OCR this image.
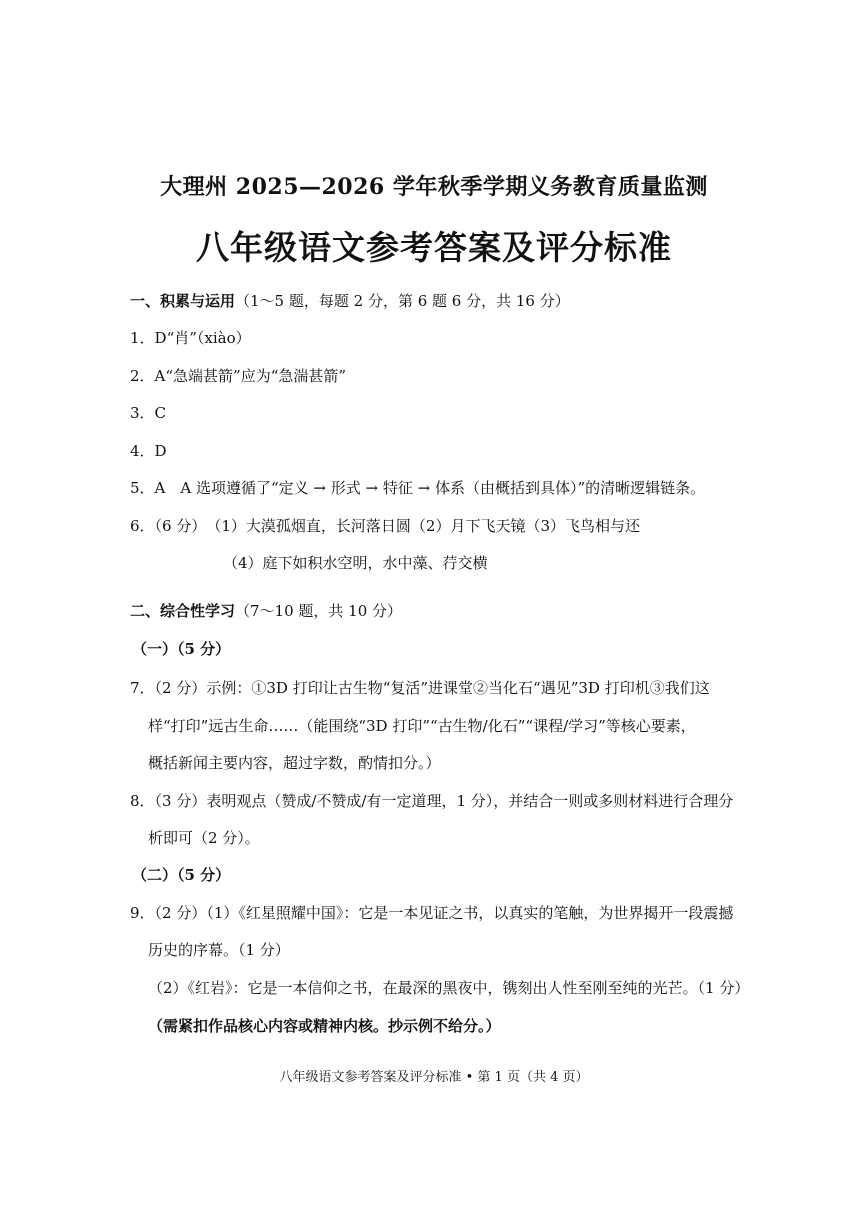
大理州 2025—2026 学年秋季学期义务教育质量监测
八年级语文参考答案及评分标准
一、积累与运用（1～5 题，每题 2 分，第 6 题 6 分，共 16 分）
1．D“肖”（xiào）
2．A“急端甚箭”应为“急湍甚箭”
3．C
4．D
5．A　A 选项遵循了“定义 → 形式 → 特征 → 体系（由概括到具体）”的清晰逻辑链条。
6．（6 分）　（1）大漠孤烟直，长河落日圆（2）月下飞天镜（3）飞鸟相与还
（4）庭下如积水空明，水中藻、荇交横
二、综合性学习（7～10 题，共 10 分）
（一）（5 分）
7．（2 分）示例：①3D 打印让古生物“复活”进课堂②当化石“遇见”3D 打印机③我们这
样“打印”远古生命……（能围绕“3D 打印”“古生物/化石”“课程/学习”等核心要素，
概括新闻主要内容，超过字数，酌情扣分。）
8．（3 分）表明观点（赞成/不赞成/有一定道理，1 分），并结合一则或多则材料进行合理分
析即可（2 分）。
（二）（5 分）
9．（2 分）（1）《红星照耀中国》：它是一本见证之书，以真实的笔触，为世界揭开一段震撼
历史的序幕。（1 分）
（2）《红岩》：它是一本信仰之书，在最深的黑夜中，镌刻出人性至刚至纯的光芒。（1 分）
（需紧扣作品核心内容或精神内核。抄示例不给分。）
八年级语文参考答案及评分标准 • 第 1 页（共 4 页）
